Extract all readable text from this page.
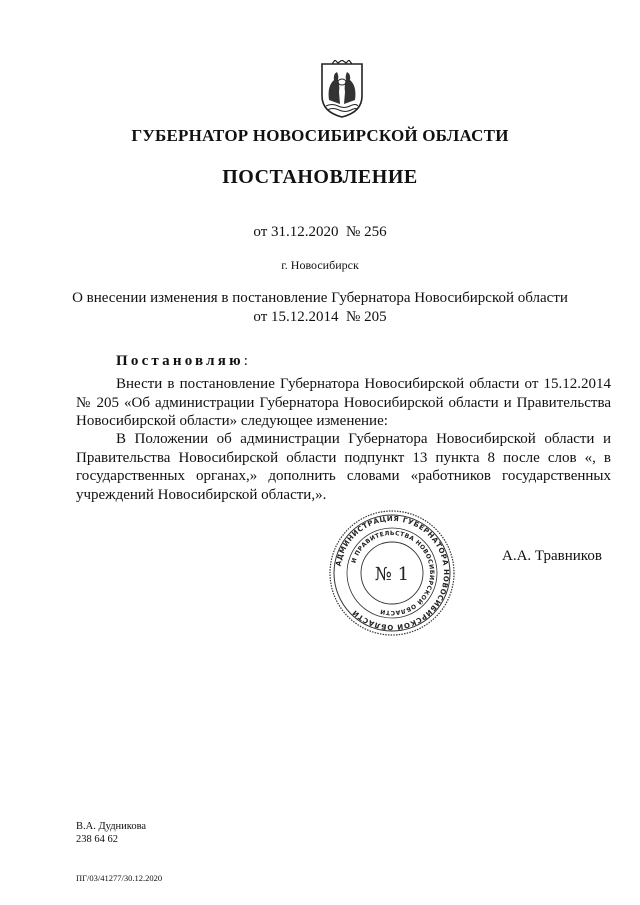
ГУБЕРНАТОР НОВОСИБИРСКОЙ ОБЛАСТИ
ПОСТАНОВЛЕНИЕ
от 31.12.2020  № 256
г. Новосибирск
О внесении изменения в постановление Губернатора Новосибирской области
от 15.12.2014  № 205
Постановляю:
Внести в постановление Губернатора Новосибирской области от 15.12.2014 № 205 «Об администрации Губернатора Новосибирской области и Правительства Новосибирской области» следующее изменение:
В Положении об администрации Губернатора Новосибирской области и Правительства Новосибирской области подпункт 13 пункта 8 после слов «, в государственных органах,» дополнить словами «работников государственных учреждений Новосибирской области,».
АДМИНИСТРАЦИЯ ГУБЕРНАТОРА НОВОСИБИРСКОЙ ОБЛАСТИ
И ПРАВИТЕЛЬСТВА НОВОСИБИРСКОЙ ОБЛАСТИ
№ 1
А.А. Травников
В.А. Дудникова
238 64 62
ПГ/03/41277/30.12.2020
